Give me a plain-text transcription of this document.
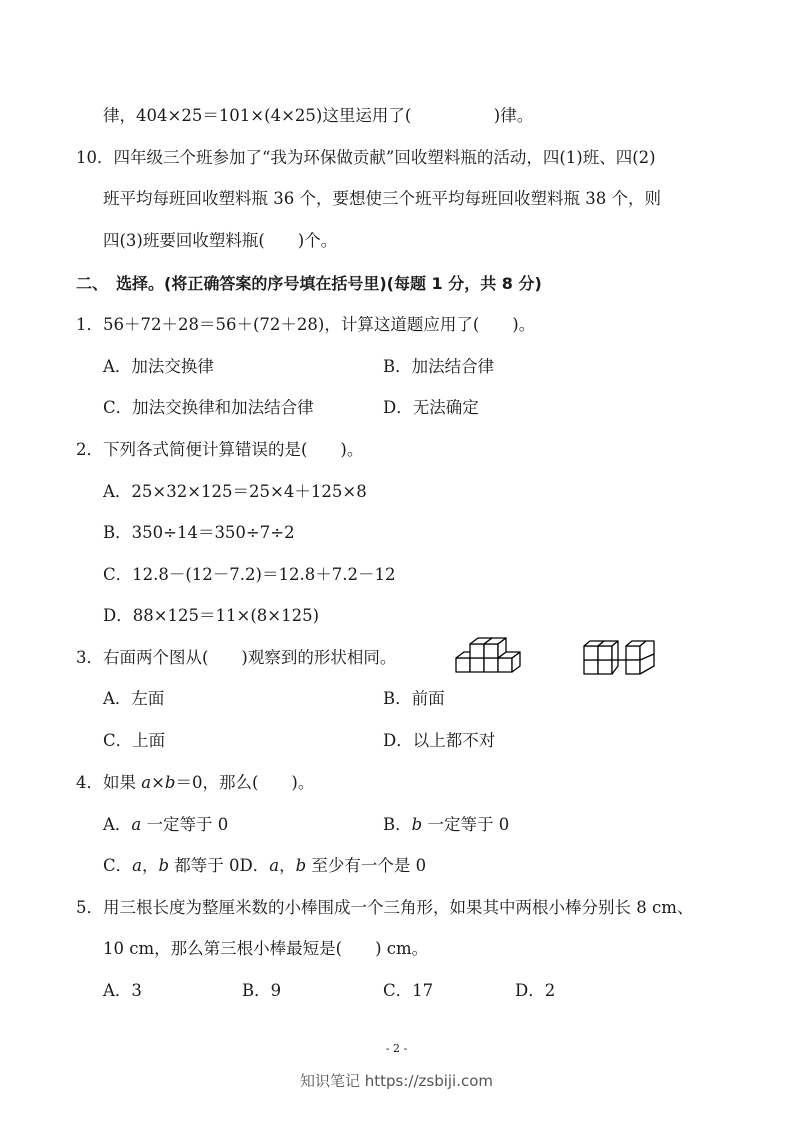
律，404×25＝101×(4×25)这里运用了(　　　　　)律。
10．四年级三个班参加了“我为环保做贡献”回收塑料瓶的活动，四(1)班、四(2)
班平均每班回收塑料瓶 36 个，要想使三个班平均每班回收塑料瓶 38 个，则
四(3)班要回收塑料瓶(　　)个。
二、　选择。(将正确答案的序号填在括号里)(每题 1 分，共 8 分)
1．56＋72＋28＝56＋(72＋28)，计算这道题应用了(　　)。
A．加法交换律	B．加法结合律
C．加法交换律和加法结合律	D．无法确定
2．下列各式简便计算错误的是(　　)。
A．25×32×125＝25×4＋125×8
B．350÷14＝350÷7÷2
C．12.8－(12－7.2)＝12.8＋7.2－12
D．88×125＝11×(8×125)
3．右面两个图从(　　)观察到的形状相同。
A．左面	B．前面
C．上面	D．以上都不对
4．如果 a×b＝0，那么(　　)。
A．a 一定等于 0	B．b 一定等于 0
C．a，b 都等于 0D．a，b 至少有一个是 0
5．用三根长度为整厘米数的小棒围成一个三角形，如果其中两根小棒分别长 8 cm、
10 cm，那么第三根小棒最短是(　　) cm。
A．3	B．9	C．17	D．2
- 2 -
知识笔记 https://zsbiji.com
